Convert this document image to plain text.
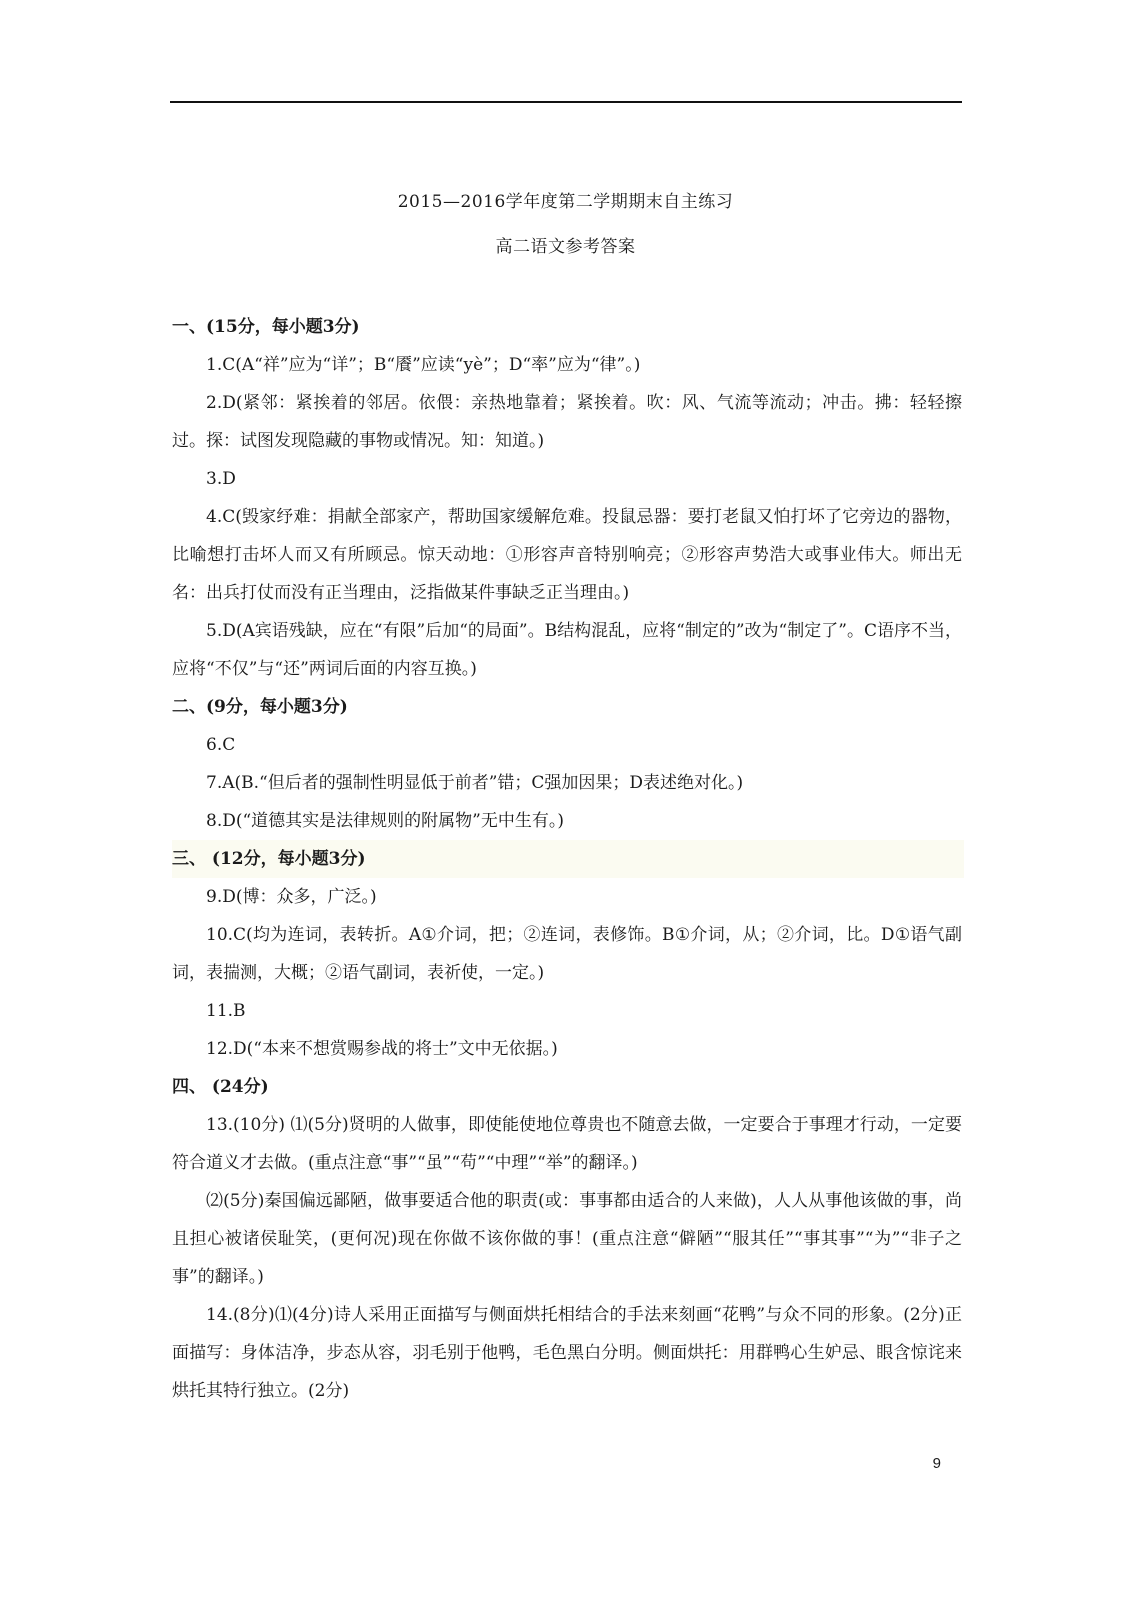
2015—2016学年度第二学期期末自主练习
高二语文参考答案

一、(15分，每小题3分)

1.C(A“祥”应为“详”；B“餍”应读“yè”；D“率”应为“律”。)

2.D(紧邻：紧挨着的邻居。依偎：亲热地靠着；紧挨着。吹：风、气流等流动；冲击。拂：轻轻擦过。探：试图发现隐藏的事物或情况。知：知道。)

3.D

4.C(毁家纾难：捐献全部家产，帮助国家缓解危难。投鼠忌器：要打老鼠又怕打坏了它旁边的器物，比喻想打击坏人而又有所顾忌。惊天动地：①形容声音特别响亮；②形容声势浩大或事业伟大。师出无名：出兵打仗而没有正当理由，泛指做某件事缺乏正当理由。)

5.D(A宾语残缺，应在“有限”后加“的局面”。B结构混乱，应将“制定的”改为“制定了”。C语序不当，应将“不仅”与“还”两词后面的内容互换。)

二、(9分，每小题3分)

6.C

7.A(B.“但后者的强制性明显低于前者”错；C强加因果；D表述绝对化。)

8.D(“道德其实是法律规则的附属物”无中生有。)

三、 (12分，每小题3分)

9.D(博：众多，广泛。)

10.C(均为连词，表转折。A①介词，把；②连词，表修饰。B①介词，从；②介词，比。D①语气副词，表揣测，大概；②语气副词，表祈使，一定。)

11.B

12.D(“本来不想赏赐参战的将士”文中无依据。)

四、 (24分)

13.(10分) ⑴(5分)贤明的人做事，即使能使地位尊贵也不随意去做，一定要合于事理才行动，一定要符合道义才去做。(重点注意“事”“虽”“苟”“中理”“举”的翻译。)

⑵(5分)秦国偏远鄙陋，做事要适合他的职责(或：事事都由适合的人来做)，人人从事他该做的事，尚且担心被诸侯耻笑，(更何况)现在你做不该你做的事！(重点注意“僻陋”“服其任”“事其事”“为”“非子之事”的翻译。)

14.(8分)⑴(4分)诗人采用正面描写与侧面烘托相结合的手法来刻画“花鸭”与众不同的形象。(2分)正面描写：身体洁净，步态从容，羽毛别于他鸭，毛色黑白分明。侧面烘托：用群鸭心生妒忌、眼含惊诧来烘托其特行独立。(2分)

9
